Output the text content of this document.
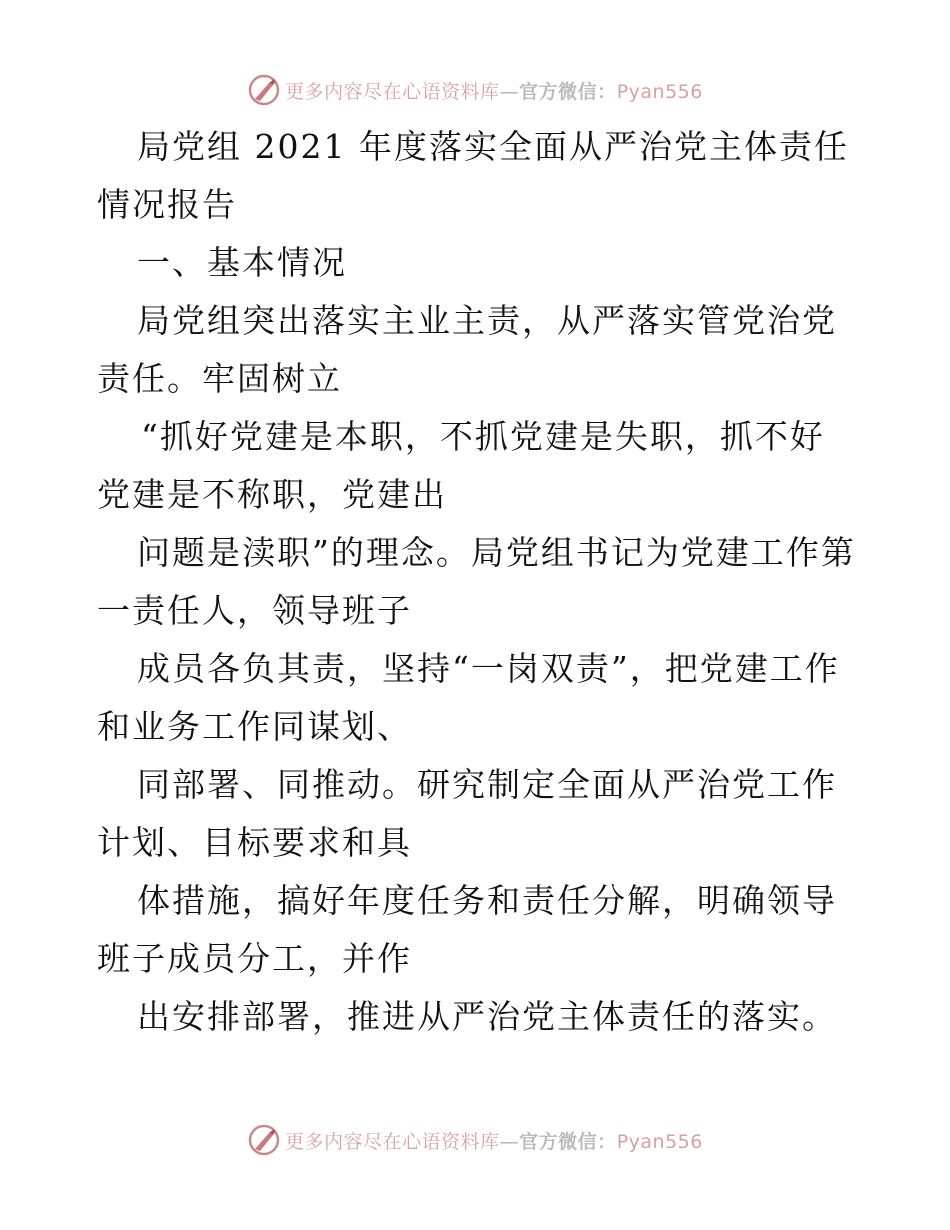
更多内容尽在心语资料库—官方微信：Pyan556

局党组 2021 年度落实全面从严治党主体责任情况报告

一、基本情况

局党组突出落实主业主责，从严落实管党治党责任。牢固树立

“抓好党建是本职，不抓党建是失职，抓不好党建是不称职，党建出

问题是渎职”的理念。局党组书记为党建工作第一责任人，领导班子

成员各负其责，坚持“一岗双责”，把党建工作和业务工作同谋划、

同部署、同推动。研究制定全面从严治党工作计划、目标要求和具

体措施，搞好年度任务和责任分解，明确领导班子成员分工，并作

出安排部署，推进从严治党主体责任的落实。

更多内容尽在心语资料库—官方微信：Pyan556
